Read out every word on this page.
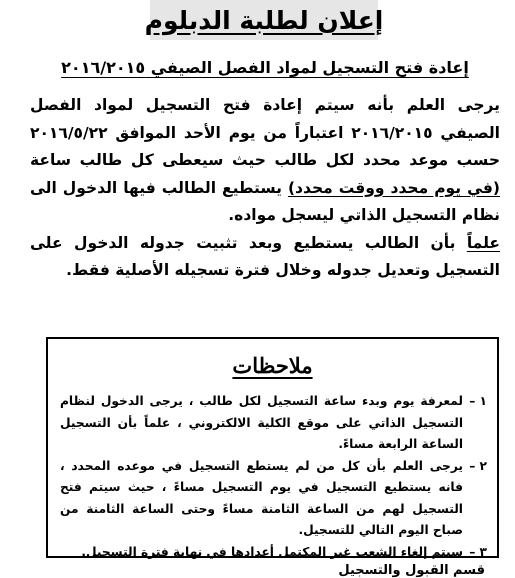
إعلان لطلبة الدبلوم
إعادة فتح التسجيل لمواد الفصل الصيفي ٢٠١٦/٢٠١٥

يرجى العلم بأنه سيتم إعادة فتح التسجيل لمواد الفصل الصيفي ٢٠١٦/٢٠١٥ اعتباراً من يوم الأحد الموافق ٢٠١٦/٥/٢٢ حسب موعد محدد لكل طالب حيث سيعطى كل طالب ساعة (في يوم محدد ووقت محدد) يستطيع الطالب فيها الدخول الى نظام التسجيل الذاتي ليسجل مواده.

علماً بأن الطالب يستطيع وبعد تثبيت جدوله الدخول على التسجيل وتعديل جدوله وخلال فترة تسجيله الأصلية فقط.

ملاحظات
١ –
لمعرفة يوم وبدء ساعة التسجيل لكل طالب ، يرجى الدخول لنظام التسجيل الذاتي على موقع الكلية الالكتروني ، علماً بأن التسجيل الساعة الرابعة مساءً.
٢ –
يرجى العلم بأن كل من لم يستطع التسجيل في موعده المحدد ، فانه يستطيع التسجيل في يوم التسجيل مساءً ، حيث سيتم فتح التسجيل لهم من الساعة الثامنة مساءً وحتى الساعة الثامنة من صباح اليوم التالي للتسجيل.
٣ –
سيتم إلغاء الشعب غير المكتمل أعدادها في نهاية فترة التسجيل.
قسم القبول والتسجيل
